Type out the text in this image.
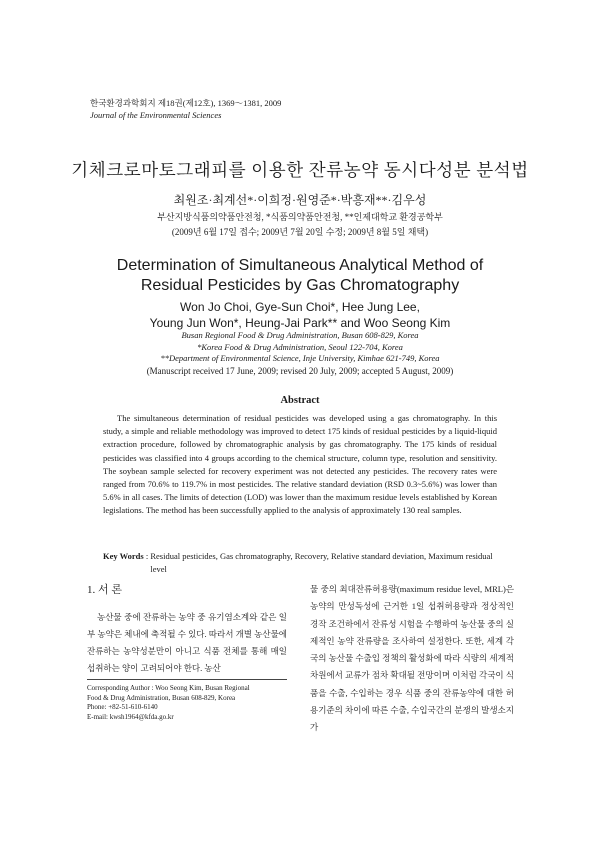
한국환경과학회지 제18권(제12호), 1369～1381, 2009
Journal of the Environmental Sciences
기체크로마토그래피를 이용한 잔류농약 동시다성분 분석법
최원조·최계선*·이희정·원영준*·박흥재**·김우성
부산지방식품의약품안전청, *식품의약품안전청, **인제대학교 환경공학부
(2009년 6월 17일 접수; 2009년 7월 20일 수정; 2009년 8월 5일 채택)
Determination of Simultaneous Analytical Method of
Residual Pesticides by Gas Chromatography
Won Jo Choi, Gye-Sun Choi*, Hee Jung Lee,
Young Jun Won*, Heung-Jai Park** and Woo Seong Kim
Busan Regional Food & Drug Administration, Busan 608-829, Korea
*Korea Food & Drug Administration, Seoul 122-704, Korea
**Department of Environmental Science, Inje University, Kimhae 621-749, Korea
(Manuscript received 17 June, 2009; revised 20 July, 2009; accepted 5 August, 2009)
Abstract

The simultaneous determination of residual pesticides was developed using a gas chromatography. In this study, a simple and reliable methodology was improved to detect 175 kinds of residual pesticides by a liquid-liquid extraction procedure, followed by chromatographic analysis by gas chromatography. The 175 kinds of residual pesticides was classified into 4 groups according to the chemical structure, column type, resolution and sensitivity. The soybean sample selected for recovery experiment was not detected any pesticides. The recovery rates were ranged from 70.6% to 119.7% in most pesticides. The relative standard deviation (RSD 0.3~5.6%) was lower than 5.6% in all cases. The limits of detection (LOD) was lower than the maximum residue levels established by Korean legislations. The method has been successfully applied to the analysis of approximately 130 real samples.

Key Words : Residual pesticides, Gas chromatography, Recovery, Relative standard deviation, Maximum residual level
1. 서 론

농산물 중에 잔류하는 농약 중 유기염소계와 같은 일부 농약은 체내에 축적될 수 있다. 따라서 개별 농산물에 잔류하는 농약성분만이 아니고 식품 전체를 통해 매일 섭취하는 양이 고려되어야 한다. 농산

Corresponding Author : Woo Seong Kim, Busan Regional
Food & Drug Administration, Busan 608-829, Korea
Phone: +82-51-610-6140
E-mail: kwsh1964@kfda.go.kr

물 중의 최대잔류허용량(maximum residue level, MRL)은 농약의 만성독성에 근거한 1일 섭취허용량과 정상적인 경작 조건하에서 잔류성 시험을 수행하여 농산물 중의 실제적인 농약 잔류량을 조사하여 설정한다. 또한, 세계 각국의 농산물 수출입 정책의 활성화에 따라 식량의 세계적 차원에서 교류가 점차 확대될 전망이며 이처럼 각국이 식품을 수출, 수입하는 경우 식품 중의 잔류농약에 대한 허용기준의 차이에 따른 수출, 수입국간의 분쟁의 발생소지가
